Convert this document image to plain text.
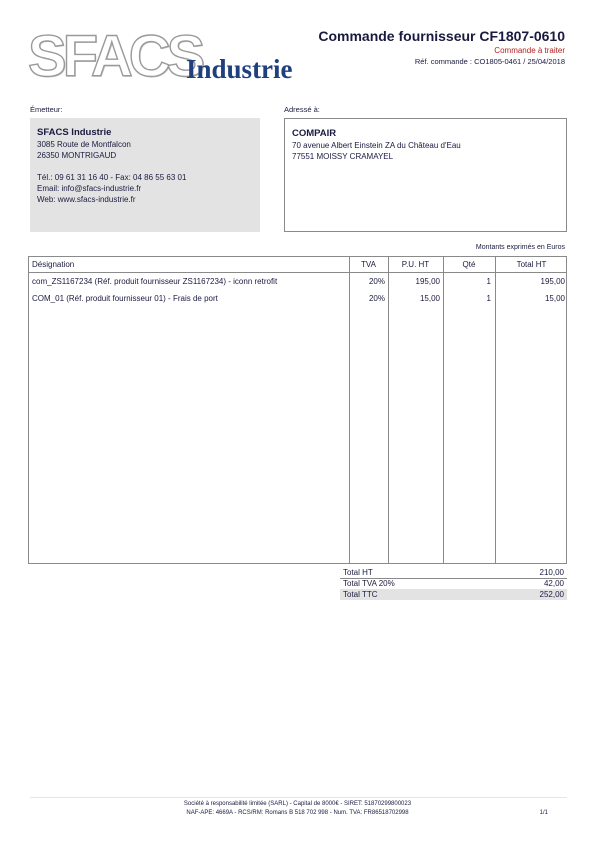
SFACS
Industrie
Commande fournisseur CF1807-0610
Commande à traiter
Réf. commande : CO1805-0461 / 25/04/2018
Émetteur:	Adressé à:
SFACS Industrie
3085 Route de Montfalcon
26350 MONTRIGAUD
Tél.: 09 61 31 16 40 - Fax: 04 86 55 63 01
Email: info@sfacs-industrie.fr
Web: www.sfacs-industrie.fr
COMPAIR
70 avenue Albert Einstein ZA du Château d'Eau
77551 MOISSY CRAMAYEL
Montants exprimés en Euros
Désignation	TVA	P.U. HT	Qté	Total HT
com_ZS1167234 (Réf. produit fournisseur ZS1167234) - iconn retrofit	20%	195,00	1	195,00
COM_01 (Réf. produit fournisseur 01) - Frais de port	20%	15,00	1	15,00
Total HT	210,00
Total TVA 20%	42,00
Total TTC	252,00
Société à responsabilité limitée (SARL) - Capital de 8000€ - SIRET: 51870299800023
NAF-APE: 4669A - RCS/RM: Romans B 518 702 998 - Num. TVA: FR86518702998	1/1
